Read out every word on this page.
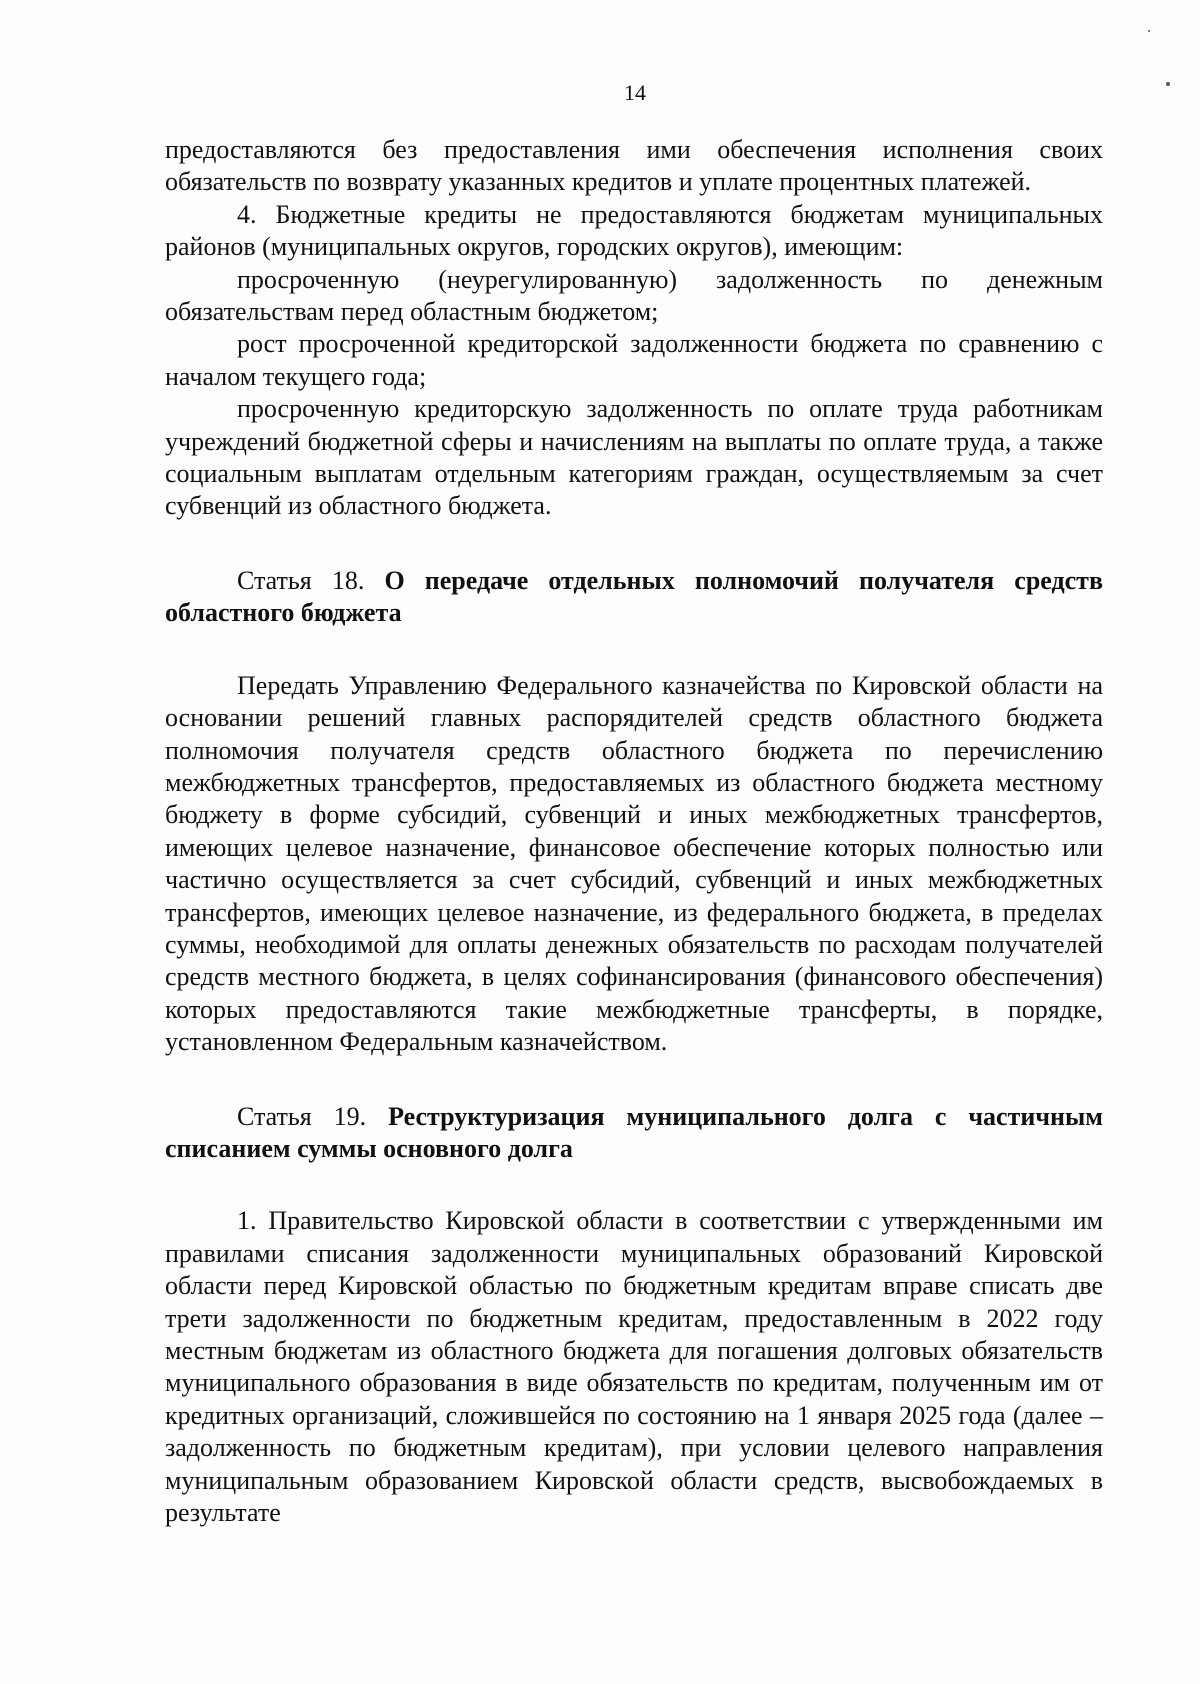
14

предоставляются без предоставления ими обеспечения исполнения своих обязательств по возврату указанных кредитов и уплате процентных платежей.

4. Бюджетные кредиты не предоставляются бюджетам муниципальных районов (муниципальных округов, городских округов), имеющим:

просроченную (неурегулированную) задолженность по денежным обязательствам перед областным бюджетом;

рост просроченной кредиторской задолженности бюджета по сравнению с началом текущего года;

просроченную кредиторскую задолженность по оплате труда работникам учреждений бюджетной сферы и начислениям на выплаты по оплате труда, а также социальным выплатам отдельным категориям граждан, осуществляемым за счет субвенций из областного бюджета.

Статья 18. О передаче отдельных полномочий получателя средств областного бюджета

Передать Управлению Федерального казначейства по Кировской области на основании решений главных распорядителей средств областного бюджета полномочия получателя средств областного бюджета по перечислению межбюджетных трансфертов, предоставляемых из областного бюджета местному бюджету в форме субсидий, субвенций и иных межбюджетных трансфертов, имеющих целевое назначение, финансовое обеспечение которых полностью или частично осуществляется за счет субсидий, субвенций и иных межбюджетных трансфертов, имеющих целевое назначение, из федерального бюджета, в пределах суммы, необходимой для оплаты денежных обязательств по расходам получателей средств местного бюджета, в целях софинансирования (финансового обеспечения) которых предоставляются такие межбюджетные трансферты, в порядке, установленном Федеральным казначейством.

Статья 19. Реструктуризация муниципального долга с частичным списанием суммы основного долга

1. Правительство Кировской области в соответствии с утвержденными им правилами списания задолженности муниципальных образований Кировской области перед Кировской областью по бюджетным кредитам вправе списать две трети задолженности по бюджетным кредитам, предоставленным в 2022 году местным бюджетам из областного бюджета для погашения долговых обязательств муниципального образования в виде обязательств по кредитам, полученным им от кредитных организаций, сложившейся по состоянию на 1 января 2025 года (далее – задолженность по бюджетным кредитам), при условии целевого направления муниципальным образованием Кировской области средств, высвобождаемых в результате
